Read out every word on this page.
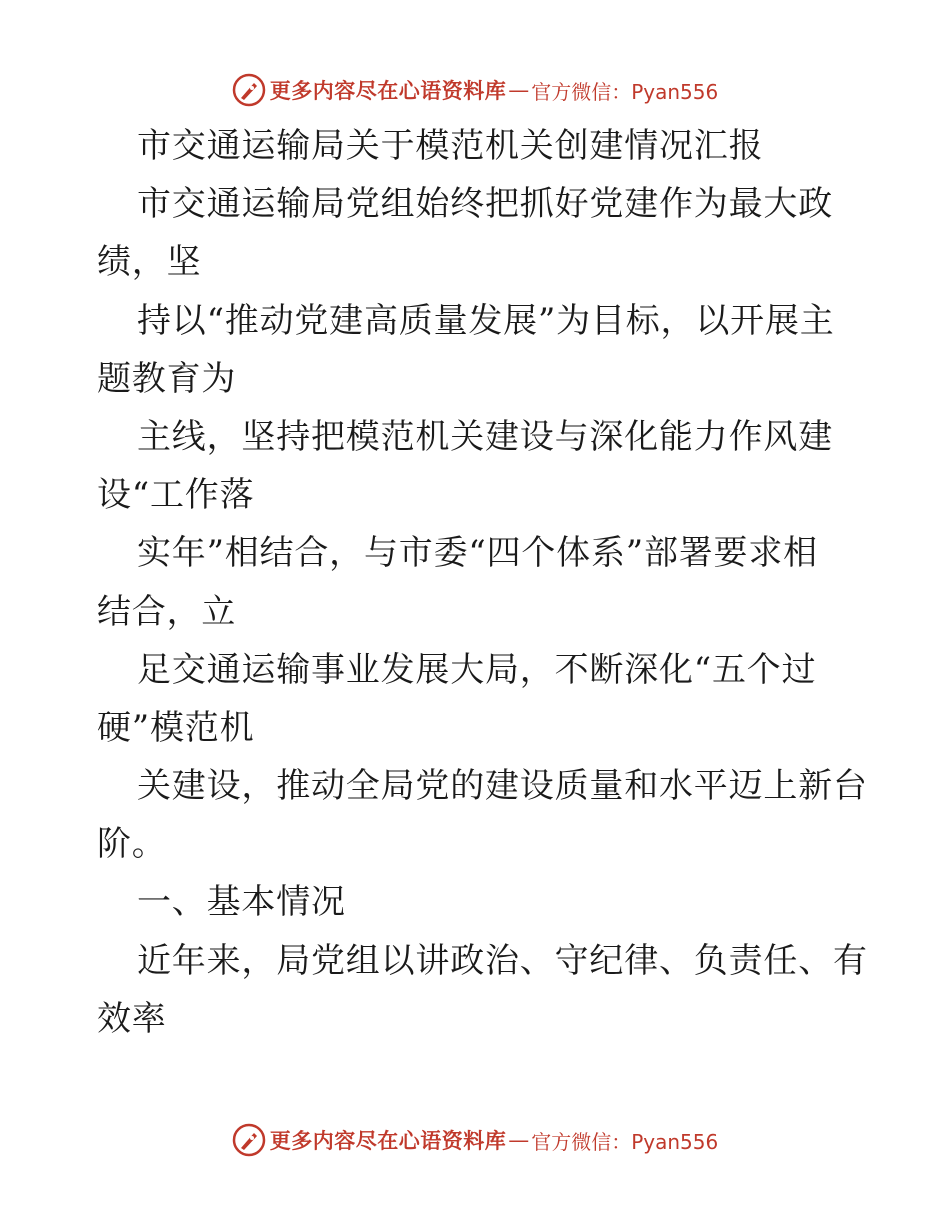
更多内容尽在心语资料库 — 官方微信：Pyan556
市交通运输局关于模范机关创建情况汇报
市交通运输局党组始终把抓好党建作为最大政
绩，坚
持以“推动党建高质量发展”为目标，以开展主
题教育为
主线，坚持把模范机关建设与深化能力作风建
设“工作落
实年”相结合，与市委“四个体系”部署要求相
结合，立
足交通运输事业发展大局，不断深化“五个过
硬”模范机
关建设，推动全局党的建设质量和水平迈上新台
阶。
一、基本情况
近年来，局党组以讲政治、守纪律、负责任、有
效率
更多内容尽在心语资料库 — 官方微信：Pyan556
